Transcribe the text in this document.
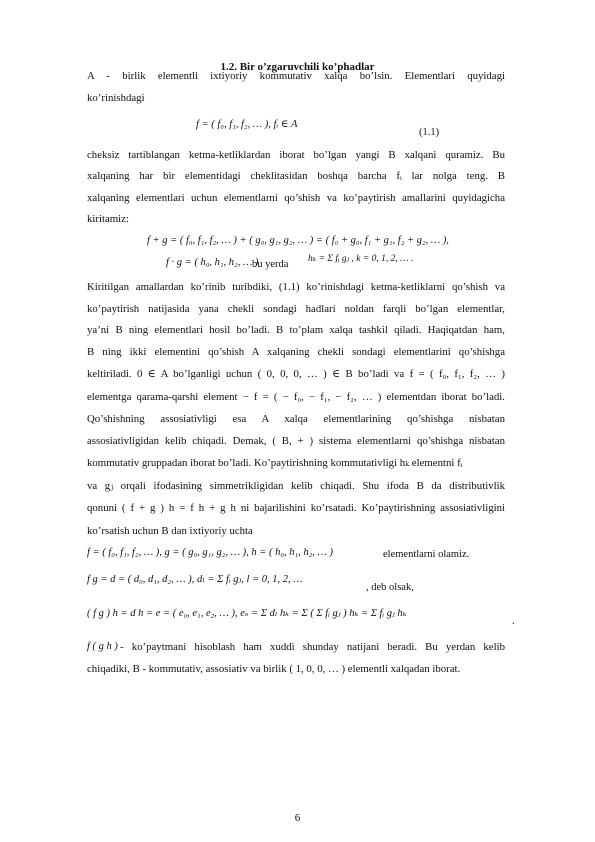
1.2. Bir o’zgaruvchili ko’phadlar
A - birlik elementli ixtiyoriy kommutativ xalqa bo’lsin. Elementlari quyidagi
ko’rinishdagi
f = ( f₀, f₁, f₂, … ), fᵢ ∈ A
(1.1)
cheksiz tartiblangan ketma-ketliklardan iborat bo’lgan yangi B xalqani quramiz. Bu
xalqaning har bir elementidagi cheklitasidan boshqa barcha fᵢ lar nolga teng. B
xalqaning elementlari uchun elementlarni qo’shish va ko’paytirish amallarini quyidagicha
kiritamiz:
f + g = ( f₀, f₁, f₂, … ) + ( g₀, g₁, g₂, … ) = ( f₀ + g₀, f₁ + g₁, f₂ + g₂, … ),
f · g = ( h₀, h₁, h₂, … )
bu yerda hₖ = Σ fᵢ gⱼ , k = 0, 1, 2, … .
Kiritilgan amallardan ko’rinib turibdiki, (1.1) ko’rinishdagi ketma-ketliklarni qo’shish va
ko’paytirish natijasida yana chekli sondagi hadlari noldan farqli bo’lgan elementlar,
ya’ni B ning elementlari hosil bo’ladi. B to’plam xalqa tashkil qiladi. Haqiqatdan ham,
B ning ikki elementini qo’shish A xalqaning chekli sondagi elementlarini qo’shishga
keltiriladi. 0 ∈ A bo’lganligi uchun ( 0, 0, 0, … ) ∈ B bo’ladi va f = ( f₀, f₁, f₂, … )
elementga qarama-qarshi element − f = ( − f₀, − f₁, − f₂, … ) elementdan iborat bo’ladi.
Qo’shishning assosiativligi esa A xalqa elementlarining qo’shishga nisbatan
assosiativligidan kelib chiqadi. Demak, ( B, + ) sistema elementlarni qo’shishga nisbatan
kommutativ gruppadan iborat bo’ladi. Ko’paytirishning kommutativligi hₖ elementni fᵢ
va gⱼ orqali ifodasining simmetrikligidan kelib chiqadi. Shu ifoda B da distributivlik
qonuni ( f + g ) h = f h + g h ni bajarilishini ko’rsatadi. Ko’paytirishning assosiativligini
ko’rsatish uchun B dan ixtiyoriy uchta
f = ( f₀, f₁, f₂, … ), g = ( g₀, g₁, g₂, … ), h = ( h₀, h₁, h₂, … )	elementlarni olamiz.
f g = d = ( d₀, d₁, d₂, … ), dₗ = Σ fᵢ gⱼ, l = 0, 1, 2, …
, deb olsak,
( f g ) h = d h = e = ( e₀, e₁, e₂, … ), eₛ = Σ dₗ hₖ = Σ ( Σ fᵢ gⱼ ) hₖ = Σ fᵢ gⱼ hₖ
.
f ( g h ) - ko’paytmani hisoblash ham xuddi shunday natijani beradi. Bu yerdan kelib
chiqadiki, B - kommutativ, assosiativ va birlik ( 1, 0, 0, … ) elementli xalqadan iborat.
6
